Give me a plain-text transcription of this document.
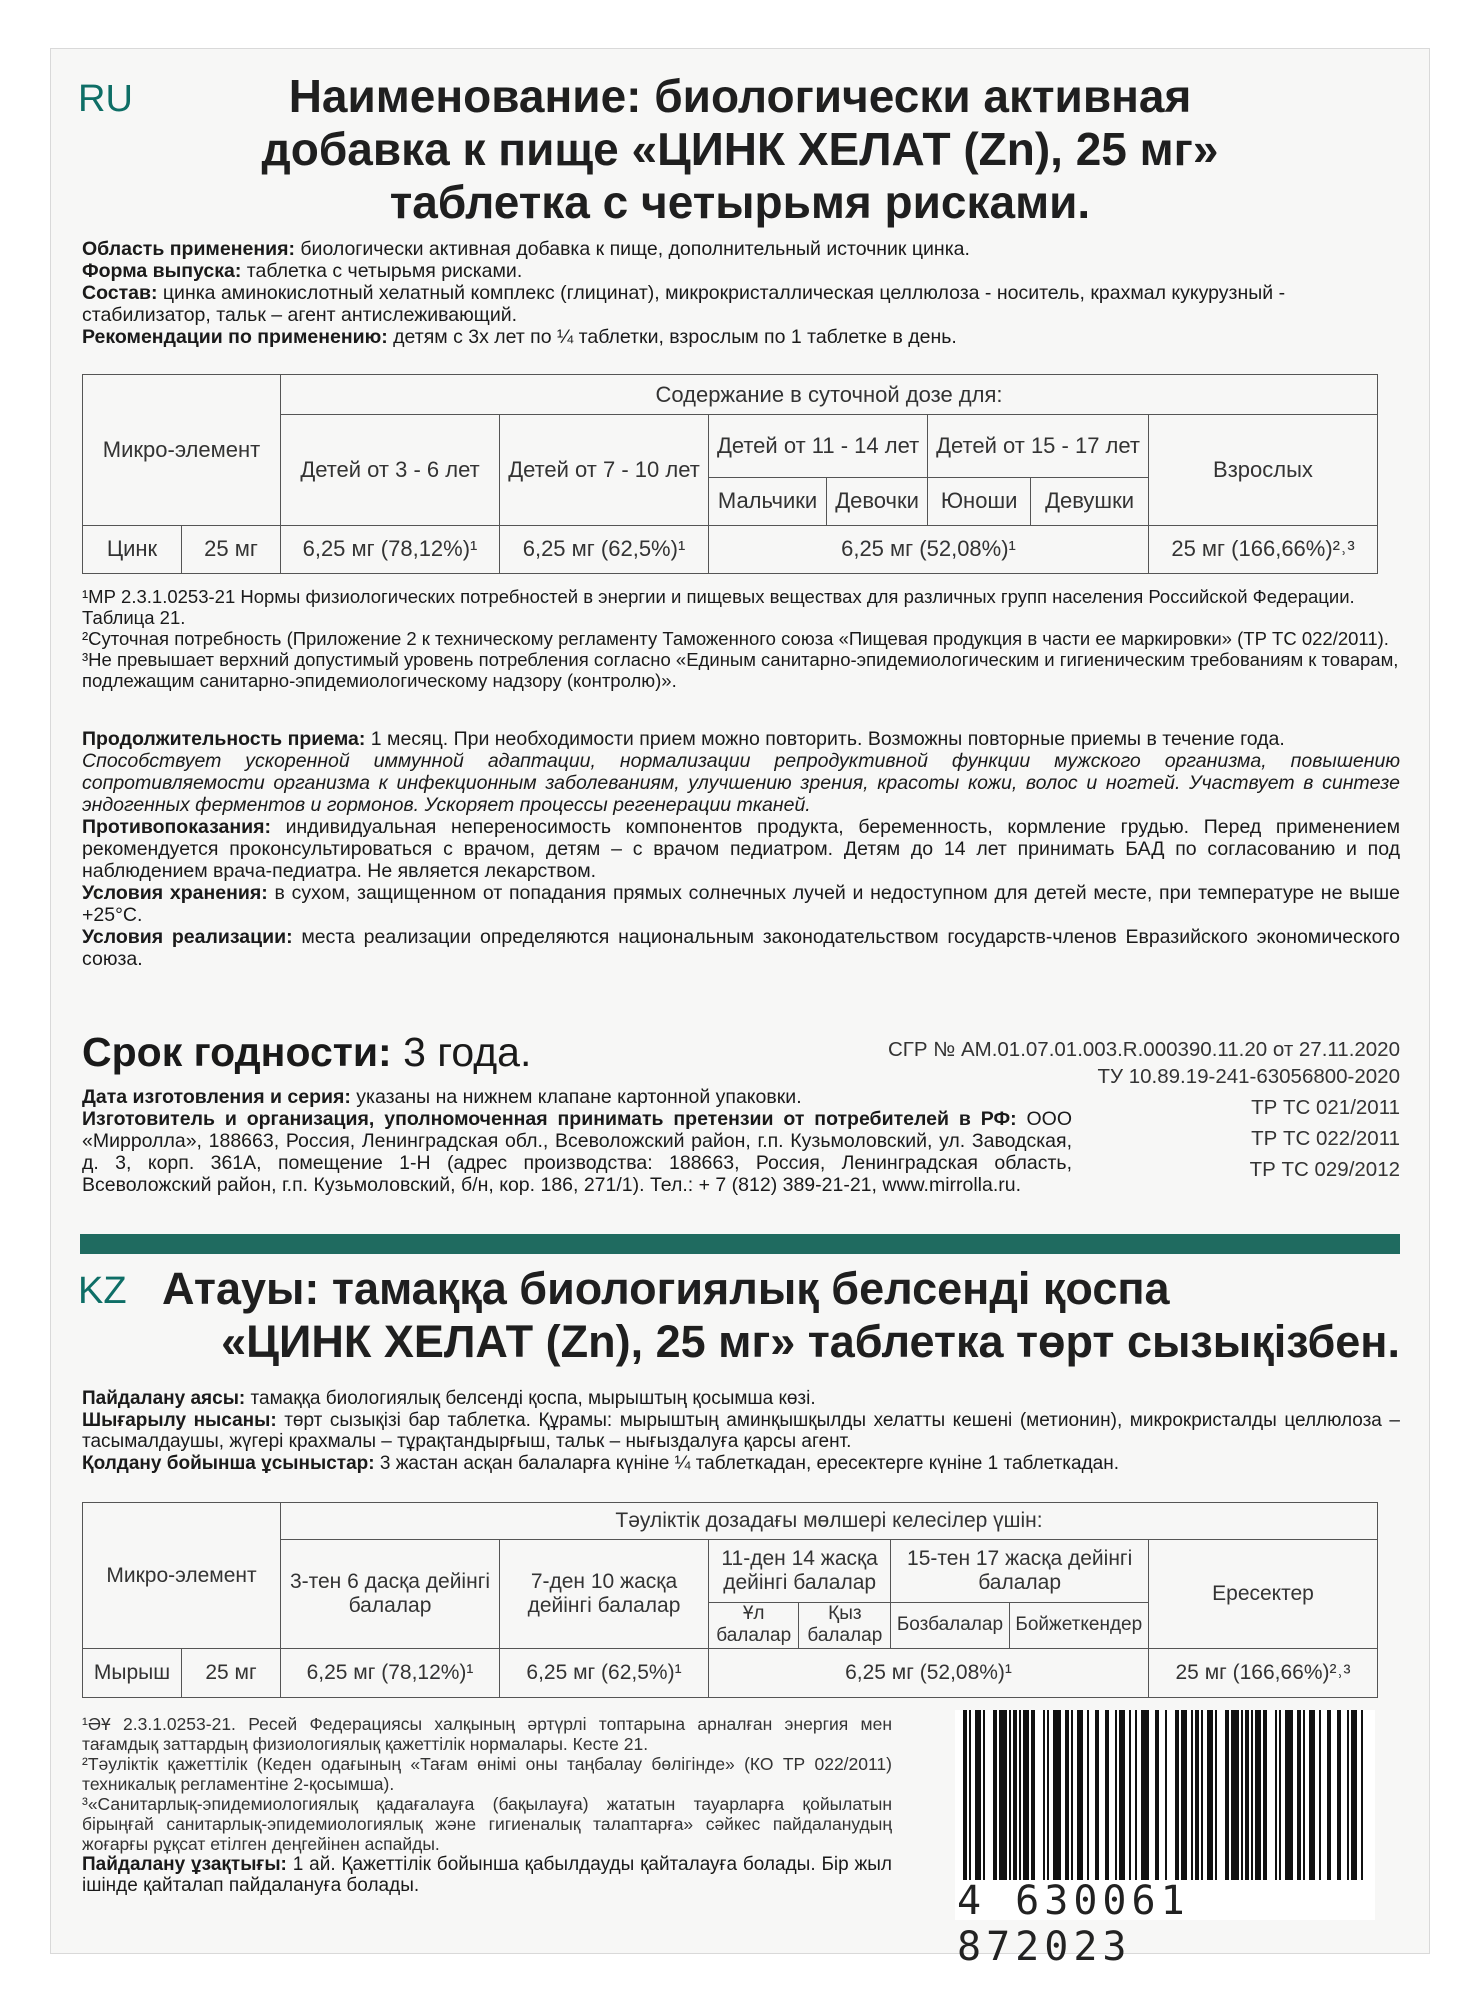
RU	Наименование: биологически активная
добавка к пище «ЦИНК ХЕЛАТ (Zn), 25 мг»
таблетка с четырьмя рисками.
Область применения: биологически активная добавка к пище, дополнительный источник цинка.
Форма выпуска: таблетка с четырьмя рисками.
Состав: цинка аминокислотный хелатный комплекс (глицинат), микрокристаллическая целлюлоза - носитель, крахмал кукурузный - стабилизатор, тальк – агент антислеживающий.
Рекомендации по применению: детям с 3х лет по ¼ таблетки, взрослым по 1 таблетке в день.
Микро-элемент		Содержание в суточной дозе для:						
		Детей от 3 - 6 лет	Детей от 7 - 10 лет	Детей от 11 - 14 лет		Детей от 15 - 17 лет		Взрослых
				Мальчики	Девочки	Юноши	Девушки	
Цинк	25 мг	6,25 мг (78,12%)¹	6,25 мг (62,5%)¹	6,25 мг (52,08%)¹				25 мг (166,66%)²˒³
¹МР 2.3.1.0253-21 Нормы физиологических потребностей в энергии и пищевых веществах для различных групп населения Российской Федерации. Таблица 21.
²Суточная потребность (Приложение 2 к техническому регламенту Таможенного союза «Пищевая продукция в части ее маркировки» (ТР ТС 022/2011).
³Не превышает верхний допустимый уровень потребления согласно «Единым санитарно-эпидемиологическим и гигиеническим требованиям к товарам, подлежащим санитарно-эпидемиологическому надзору (контролю)».
Продолжительность приема: 1 месяц. При необходимости прием можно повторить. Возможны повторные приемы в течение года.
Способствует ускоренной иммунной адаптации, нормализации репродуктивной функции мужского организма, повышению сопротивляемости организма к инфекционным заболеваниям, улучшению зрения, красоты кожи, волос и ногтей. Участвует в синтезе эндогенных ферментов и гормонов. Ускоряет процессы регенерации тканей.
Противопоказания: индивидуальная непереносимость компонентов продукта, беременность, кормление грудью. Перед применением рекомендуется проконсультироваться с врачом, детям – с врачом педиатром. Детям до 14 лет принимать БАД по согласованию и под наблюдением врача-педиатра. Не является лекарством.
Условия хранения: в сухом, защищенном от попадания прямых солнечных лучей и недоступном для детей месте, при температуре не выше +25°С.
Условия реализации: места реализации определяются национальным законодательством государств-членов Евразийского экономического союза.
Срок годности: 3 года.
Дата изготовления и серия: указаны на нижнем клапане картонной упаковки.
Изготовитель и организация, уполномоченная принимать претензии от потребителей в РФ: ООО «Мирролла», 188663, Россия, Ленинградская обл., Всеволожский район, г.п. Кузьмоловский, ул. Заводская, д. 3, корп. 361А, помещение 1-Н (адрес производства: 188663, Россия, Ленинградская область, Всеволожский район, г.п. Кузьмоловский, б/н, кор. 186, 271/1). Тел.: + 7 (812) 389-21-21, www.mirrolla.ru.
СГР № AM.01.07.01.003.R.000390.11.20 от 27.11.2020
ТУ 10.89.19-241-63056800-2020
ТР ТС 021/2011
ТР ТС 022/2011
ТР ТС 029/2012
KZ Атауы: тамаққа биологиялық белсенді қоспа
«ЦИНК ХЕЛАТ (Zn), 25 мг» таблетка төрт сызықізбен.
Пайдалану аясы: тамаққа биологиялық белсенді қоспа, мырыштың қосымша көзі.
Шығарылу нысаны: төрт сызықізі бар таблетка. Құрамы: мырыштың аминқышқылды хелатты кешені (метионин), микрокристалды целлюлоза – тасымалдаушы, жүгері крахмалы – тұрақтандырғыш, тальк – нығыздалуға қарсы агент.
Қолдану бойынша ұсыныстар: 3 жастан асқан балаларға күніне ¼ таблеткадан, ересектерге күніне 1 таблеткадан.
Микро-элемент		Тәуліктік дозадағы мөлшері келесілер үшін:						
		3-тен 6 дасқа дейінгі балалар	7-ден 10 жасқа дейінгі балалар	11-ден 14 жасқа дейінгі балалар		15-тен 17 жасқа дейінгі балалар		Ересектер
				Ұл балалар	Қыз балалар	Бозбалалар	Бойжеткендер	
Мырыш	25 мг	6,25 мг (78,12%)¹	6,25 мг (62,5%)¹	6,25 мг (52,08%)¹				25 мг (166,66%)²˒³
¹ӘҰ 2.3.1.0253-21. Ресей Федерациясы халқының әртүрлі топтарына арналған энергия мен тағамдық заттардың физиологиялық қажеттілік нормалары. Кесте 21.
²Тәуліктік қажеттілік (Кеден одағының «Тағам өнімі оны таңбалау бөлігінде» (КО ТР 022/2011) техникалық регламентіне 2-қосымша).
³«Санитарлық-эпидемиологиялық қадағалауға (бақылауға) жататын тауарларға қойылатын бірыңғай санитарлық-эпидемиологиялық және гигиеналық талаптарға» сәйкес пайдаланудың жоғарғы рұқсат етілген деңгейінен аспайды.
Пайдалану ұзақтығы: 1 ай. Қажеттілік бойынша қабылдауды қайталауға болады. Бір жыл ішінде қайталап пайдалануға болады.	4 630061 872023
